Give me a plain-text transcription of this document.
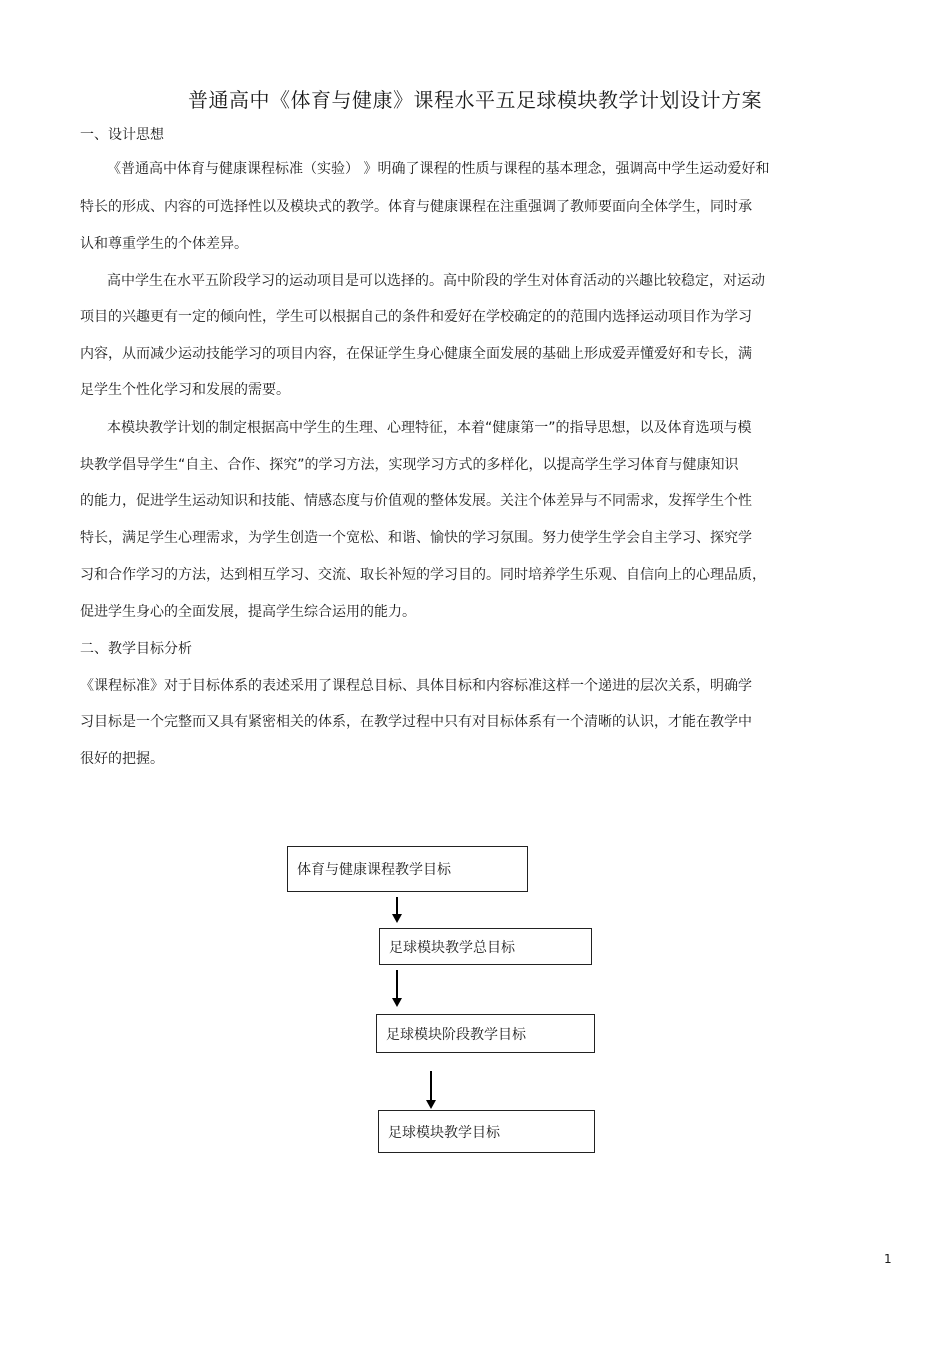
普通高中《体育与健康》课程水平五足球模块教学计划设计方案
一、设计思想
《普通高中体育与健康课程标准（实验） 》明确了课程的性质与课程的基本理念，强调高中学生运动爱好和
特长的形成、内容的可选择性以及模块式的教学。体育与健康课程在注重强调了教师要面向全体学生，同时承
认和尊重学生的个体差异。
高中学生在水平五阶段学习的运动项目是可以选择的。高中阶段的学生对体育活动的兴趣比较稳定，对运动
项目的兴趣更有一定的倾向性，学生可以根据自己的条件和爱好在学校确定的的范围内选择运动项目作为学习
内容，从而减少运动技能学习的项目内容，在保证学生身心健康全面发展的基础上形成爱弄懂爱好和专长，满
足学生个性化学习和发展的需要。
本模块教学计划的制定根据高中学生的生理、心理特征，本着“健康第一”的指导思想，以及体育选项与模
块教学倡导学生“自主、合作、探究”的学习方法，实现学习方式的多样化，以提高学生学习体育与健康知识
的能力，促进学生运动知识和技能、情感态度与价值观的整体发展。关注个体差异与不同需求，发挥学生个性
特长，满足学生心理需求，为学生创造一个宽松、和谐、愉快的学习氛围。努力使学生学会自主学习、探究学
习和合作学习的方法，达到相互学习、交流、取长补短的学习目的。同时培养学生乐观、自信向上的心理品质，
促进学生身心的全面发展，提高学生综合运用的能力。
二、教学目标分析
《课程标准》对于目标体系的表述采用了课程总目标、具体目标和内容标准这样一个递进的层次关系，明确学
习目标是一个完整而又具有紧密相关的体系，在教学过程中只有对目标体系有一个清晰的认识，才能在教学中
很好的把握。
体育与健康课程教学目标
足球模块教学总目标
足球模块阶段教学目标
足球模块教学目标
1
